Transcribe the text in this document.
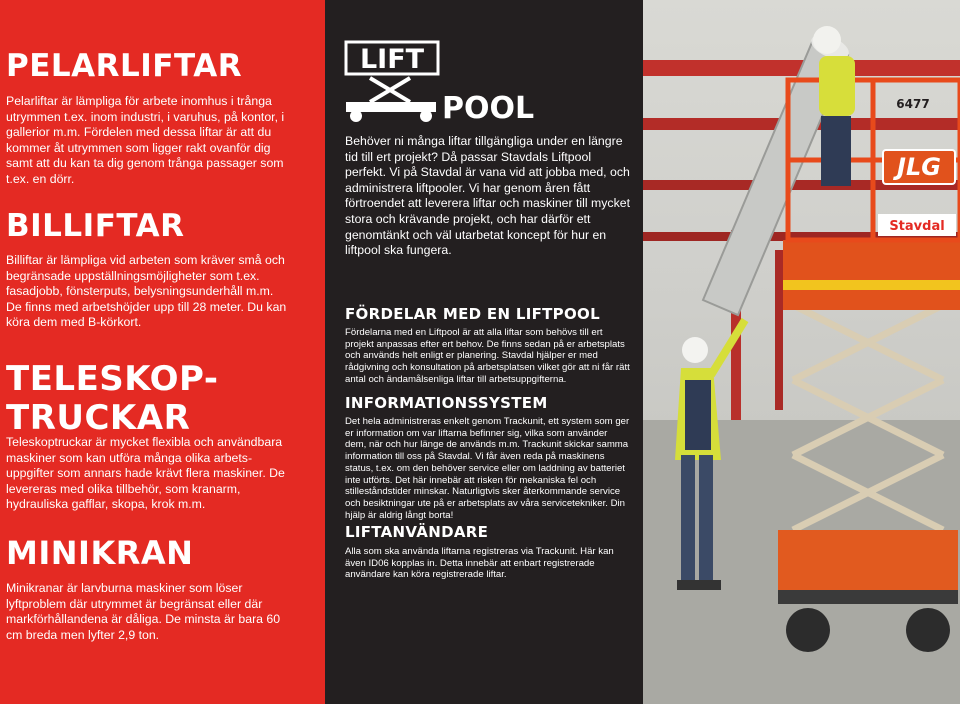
PELARLIFTAR

Pelarliftar är lämpliga för arbete inomhus i trånga utrymmen t.ex. inom industri, i varuhus, på kontor, i gallerior m.m. Fördelen med dessa liftar är att du kommer åt utrymmen som ligger rakt ovanför dig samt att du kan ta dig genom trånga passager som t.ex. en dörr.

BILLIFTAR

Billiftar är lämpliga vid arbeten som kräver små och begränsade uppställningsmöjligheter som t.ex. fasadjobb, fönsterputs, belysningsunderhåll m.m. De finns med arbetshöjder upp till 28 meter. Du kan köra dem med B-körkort.

TELESKOP-
TRUCKAR

Teleskoptruckar är mycket flexibla och användbara maskiner som kan utföra många olika arbets-uppgifter som annars hade krävt flera maskiner. De levereras med olika tillbehör, som kranarm, hydrauliska gafflar, skopa, krok m.m.

MINIKRAN

Minikranar är larvburna maskiner som löser lyftproblem där utrymmet är begränsat eller där markförhållandena är dåliga. De minsta är bara 60 cm breda men lyfter 2,9 ton.

LIFT
POOL

Behöver ni många liftar tillgängliga under en längre tid till ert projekt? Då passar Stavdals Liftpool perfekt. Vi på Stavdal är vana vid att jobba med, och administrera liftpooler. Vi har genom åren fått förtroendet att leverera liftar och maskiner till mycket stora och krävande projekt, och har därför ett genomtänkt och väl utarbetat koncept för hur en liftpool ska fungera.

FÖRDELAR MED EN LIFTPOOL

Fördelarna med en Liftpool är att alla liftar som behövs till ert projekt anpassas efter ert behov. De finns sedan på er arbetsplats och används helt enligt er planering. Stavdal hjälper er med rådgivning och konsultation på arbetsplatsen vilket gör att ni får rätt antal och ändamålsenliga liftar till arbetsuppgifterna.

INFORMATIONSSYSTEM

Det hela administreras enkelt genom Trackunit, ett system som ger er information om var liftarna befinner sig, vilka som använder dem, när och hur länge de används m.m. Trackunit skickar samma information till oss på Stavdal. Vi får även reda på maskinens status, t.ex. om den behöver service eller om laddning av batteriet inte utförts. Det här innebär att risken för mekaniska fel och stilleståndstider minskar. Naturligtvis sker återkommande service och besiktningar ute på er arbetsplats av våra servicetekniker. Din hjälp är aldrig långt borta!

LIFTANVÄNDARE

Alla som ska använda liftarna registreras via Trackunit. Här kan även ID06 kopplas in. Detta innebär att enbart registrerade användare kan köra registrerade liftar.

JLG
6477
Stavdal
